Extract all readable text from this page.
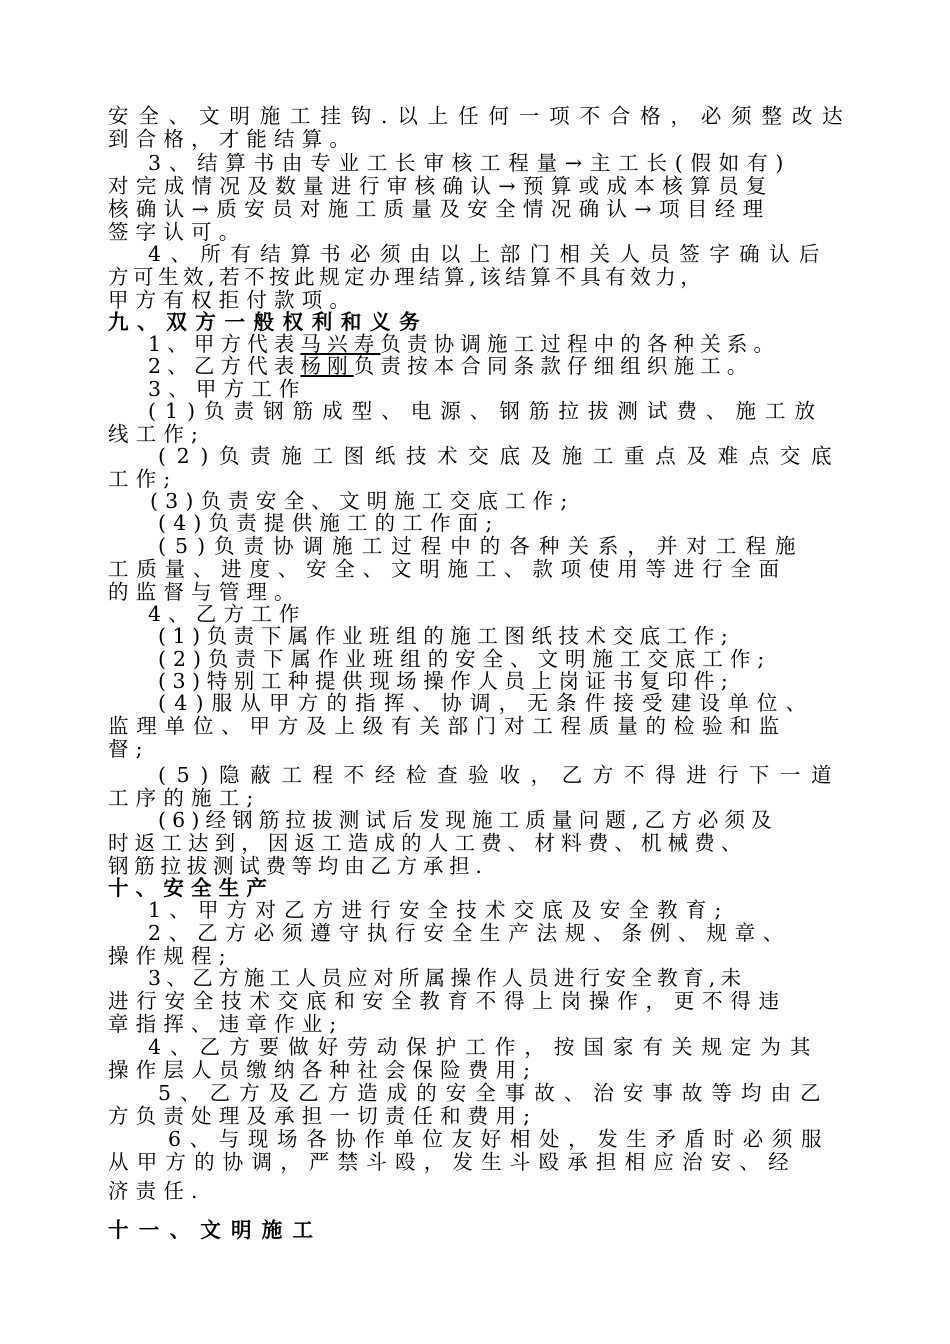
安全、文明施工挂钩.以上任何一项不合格，必须整改达
到合格，才能结算。
3、结算书由专业工长审核工程量→主工长(假如有)
对完成情况及数量进行审核确认→预算或成本核算员复
核确认→质安员对施工质量及安全情况确认→项目经理
签字认可。
4、所有结算书必须由以上部门相关人员签字确认后
方可生效,若不按此规定办理结算,该结算不具有效力，
甲方有权拒付款项。
九、双方一般权利和义务
1、甲方代表马兴寿负责协调施工过程中的各种关系。
2、乙方代表杨刚负责按本合同条款仔细组织施工。
3、甲方工作
(1)负责钢筋成型、电源、钢筋拉拔测试费、施工放
线工作;
(2)负责施工图纸技术交底及施工重点及难点交底
工作;
(3)负责安全、文明施工交底工作;
(4)负责提供施工的工作面;
(5)负责协调施工过程中的各种关系，并对工程施
工质量、进度、安全、文明施工、款项使用等进行全面
的监督与管理。
4、乙方工作
(1)负责下属作业班组的施工图纸技术交底工作;
(2)负责下属作业班组的安全、文明施工交底工作;
(3)特别工种提供现场操作人员上岗证书复印件;
(4)服从甲方的指挥、协调，无条件接受建设单位、
监理单位、甲方及上级有关部门对工程质量的检验和监
督;
(5)隐蔽工程不经检查验收，乙方不得进行下一道
工序的施工;
(6)经钢筋拉拔测试后发现施工质量问题,乙方必须及
时返工达到，因返工造成的人工费、材料费、机械费、
钢筋拉拔测试费等均由乙方承担.
十、安全生产
1、甲方对乙方进行安全技术交底及安全教育;
2、乙方必须遵守执行安全生产法规、条例、规章、
操作规程;
3、乙方施工人员应对所属操作人员进行安全教育,未
进行安全技术交底和安全教育不得上岗操作，更不得违
章指挥、违章作业;
4、乙方要做好劳动保护工作，按国家有关规定为其
操作层人员缴纳各种社会保险费用;
5、乙方及乙方造成的安全事故、治安事故等均由乙
方负责处理及承担一切责任和费用;
6、与现场各协作单位友好相处，发生矛盾时必须服
从甲方的协调，严禁斗殴，发生斗殴承担相应治安、经
济责任.
十一、文明施工
